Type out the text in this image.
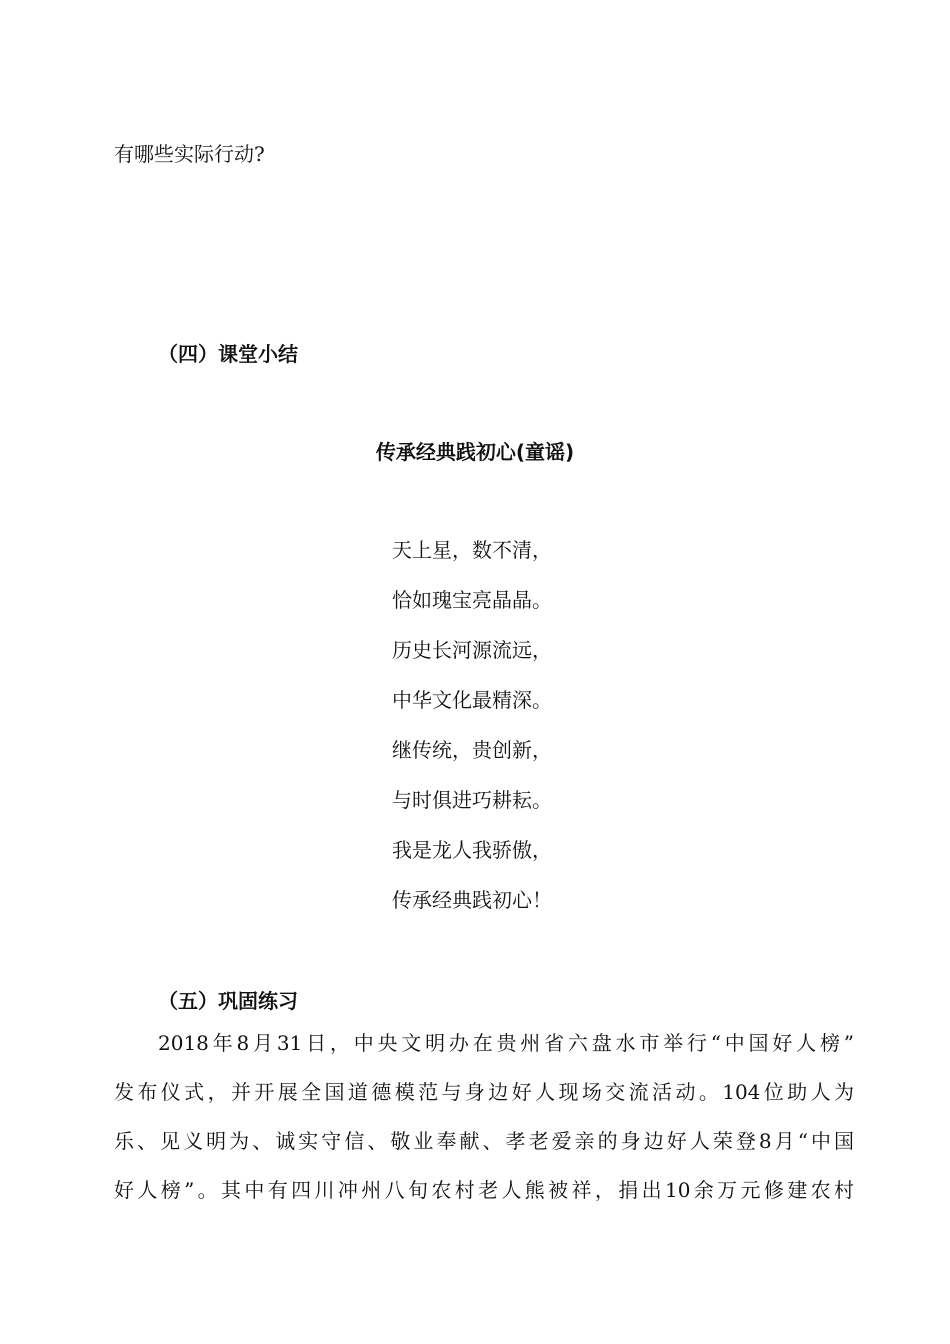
有哪些实际行动?
（四）课堂小结
传承经典践初心(童谣)
天上星，数不清，
恰如瑰宝亮晶晶。
历史长河源流远，
中华文化最精深。
继传统，贵创新，
与时俱进巧耕耘。
我是龙人我骄傲，
传承经典践初心！
（五）巩固练习
2018年8月31日，中央文明办在贵州省六盘水市举行“中国好人榜”
发布仪式，并开展全国道德模范与身边好人现场交流活动。104位助人为
乐、见义明为、诚实守信、敬业奉献、孝老爱亲的身边好人荣登8月“中国
好人榜”。其中有四川冲州八旬农村老人熊被祥，捐出10余万元修建农村
